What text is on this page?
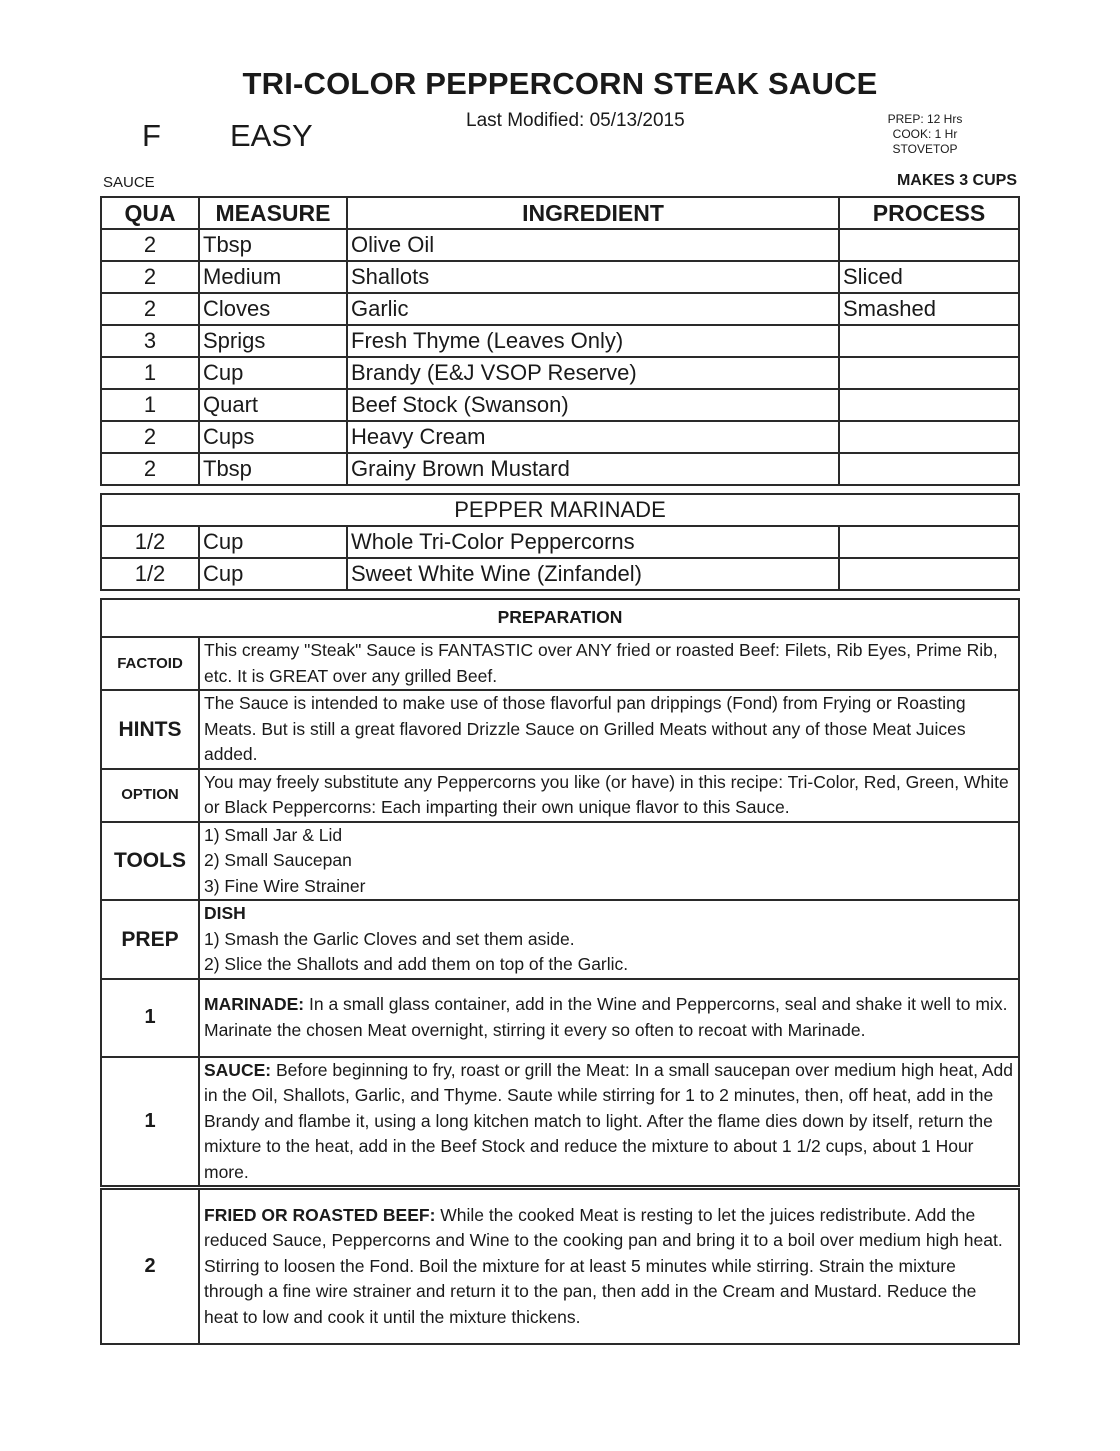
TRI-COLOR PEPPERCORN STEAK SAUCE
F EASY	Last Modified: 05/13/2015	PREP: 12 Hrs
COOK: 1 Hr
STOVETOP
SAUCE	MAKES 3 CUPS
QUA	MEASURE	INGREDIENT	PROCESS
2	Tbsp	Olive Oil	
2	Medium	Shallots	Sliced
2	Cloves	Garlic	Smashed
3	Sprigs	Fresh Thyme (Leaves Only)	
1	Cup	Brandy (E&J VSOP Reserve)	
1	Quart	Beef Stock (Swanson)	
2	Cups	Heavy Cream	
2	Tbsp	Grainy Brown Mustard	
PEPPER MARINADE			
1/2	Cup	Whole Tri-Color Peppercorns	
1/2	Cup	Sweet White Wine (Zinfandel)	
PREPARATION	
FACTOID	This creamy "Steak" Sauce is FANTASTIC over ANY fried or roasted Beef: Filets, Rib Eyes, Prime Rib, etc. It is GREAT over any grilled Beef.
HINTS	The Sauce is intended to make use of those flavorful pan drippings (Fond) from Frying or Roasting Meats. But is still a great flavored Drizzle Sauce on Grilled Meats without any of those Meat Juices added.
OPTION	You may freely substitute any Peppercorns you like (or have) in this recipe: Tri-Color, Red, Green, White or Black Peppercorns: Each imparting their own unique flavor to this Sauce.
TOOLS	1) Small Jar & Lid
2) Small Saucepan
3) Fine Wire Strainer

PREP	DISH
1) Smash the Garlic Cloves and set them aside.
2) Slice the Shallots and add them on top of the Garlic.

1	MARINADE: In a small glass container, add in the Wine and Peppercorns, seal and shake it well to mix. Marinate the chosen Meat overnight, stirring it every so often to recoat with Marinade.
1	SAUCE: Before beginning to fry, roast or grill the Meat: In a small saucepan over medium high heat, Add in the Oil, Shallots, Garlic, and Thyme. Saute while stirring for 1 to 2 minutes, then, off heat, add in the Brandy and flambe it, using a long kitchen match to light. After the flame dies down by itself, return the mixture to the heat, add in the Beef Stock and reduce the mixture to about 1 1/2 cups, about 1 Hour more.
2	FRIED OR ROASTED BEEF: While the cooked Meat is resting to let the juices redistribute. Add the reduced Sauce, Peppercorns and Wine to the cooking pan and bring it to a boil over medium high heat. Stirring to loosen the Fond. Boil the mixture for at least 5 minutes while stirring. Strain the mixture through a fine wire strainer and return it to the pan, then add in the Cream and Mustard. Reduce the heat to low and cook it until the mixture thickens.
